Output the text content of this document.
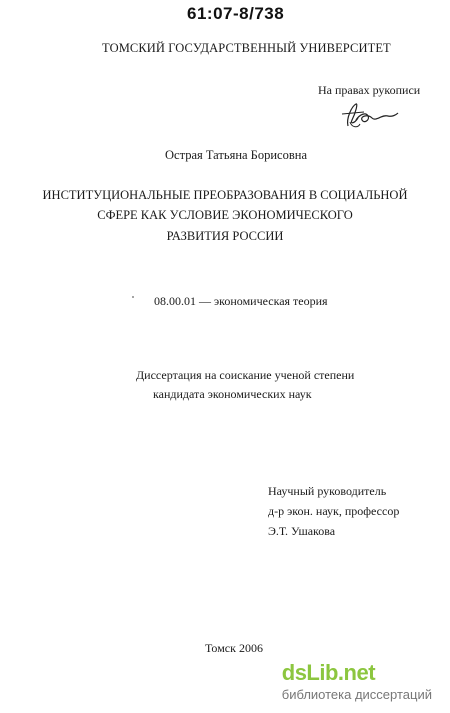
61:07-8/738
ТОМСКИЙ ГОСУДАРСТВЕННЫЙ УНИВЕРСИТЕТ
На правах рукописи
Острая Татьяна Борисовна
ИНСТИТУЦИОНАЛЬНЫЕ ПРЕОБРАЗОВАНИЯ В СОЦИАЛЬНОЙ
СФЕРЕ КАК УСЛОВИЕ ЭКОНОМИЧЕСКОГО
РАЗВИТИЯ РОССИИ
08.00.01 — экономическая теория
Диссертация на соискание ученой степени
кандидата экономических наук
Научный руководитель
д-р экон. наук, профессор
Э.Т. Ушакова
Томск 2006
dsLib.net
библиотека диссертаций
